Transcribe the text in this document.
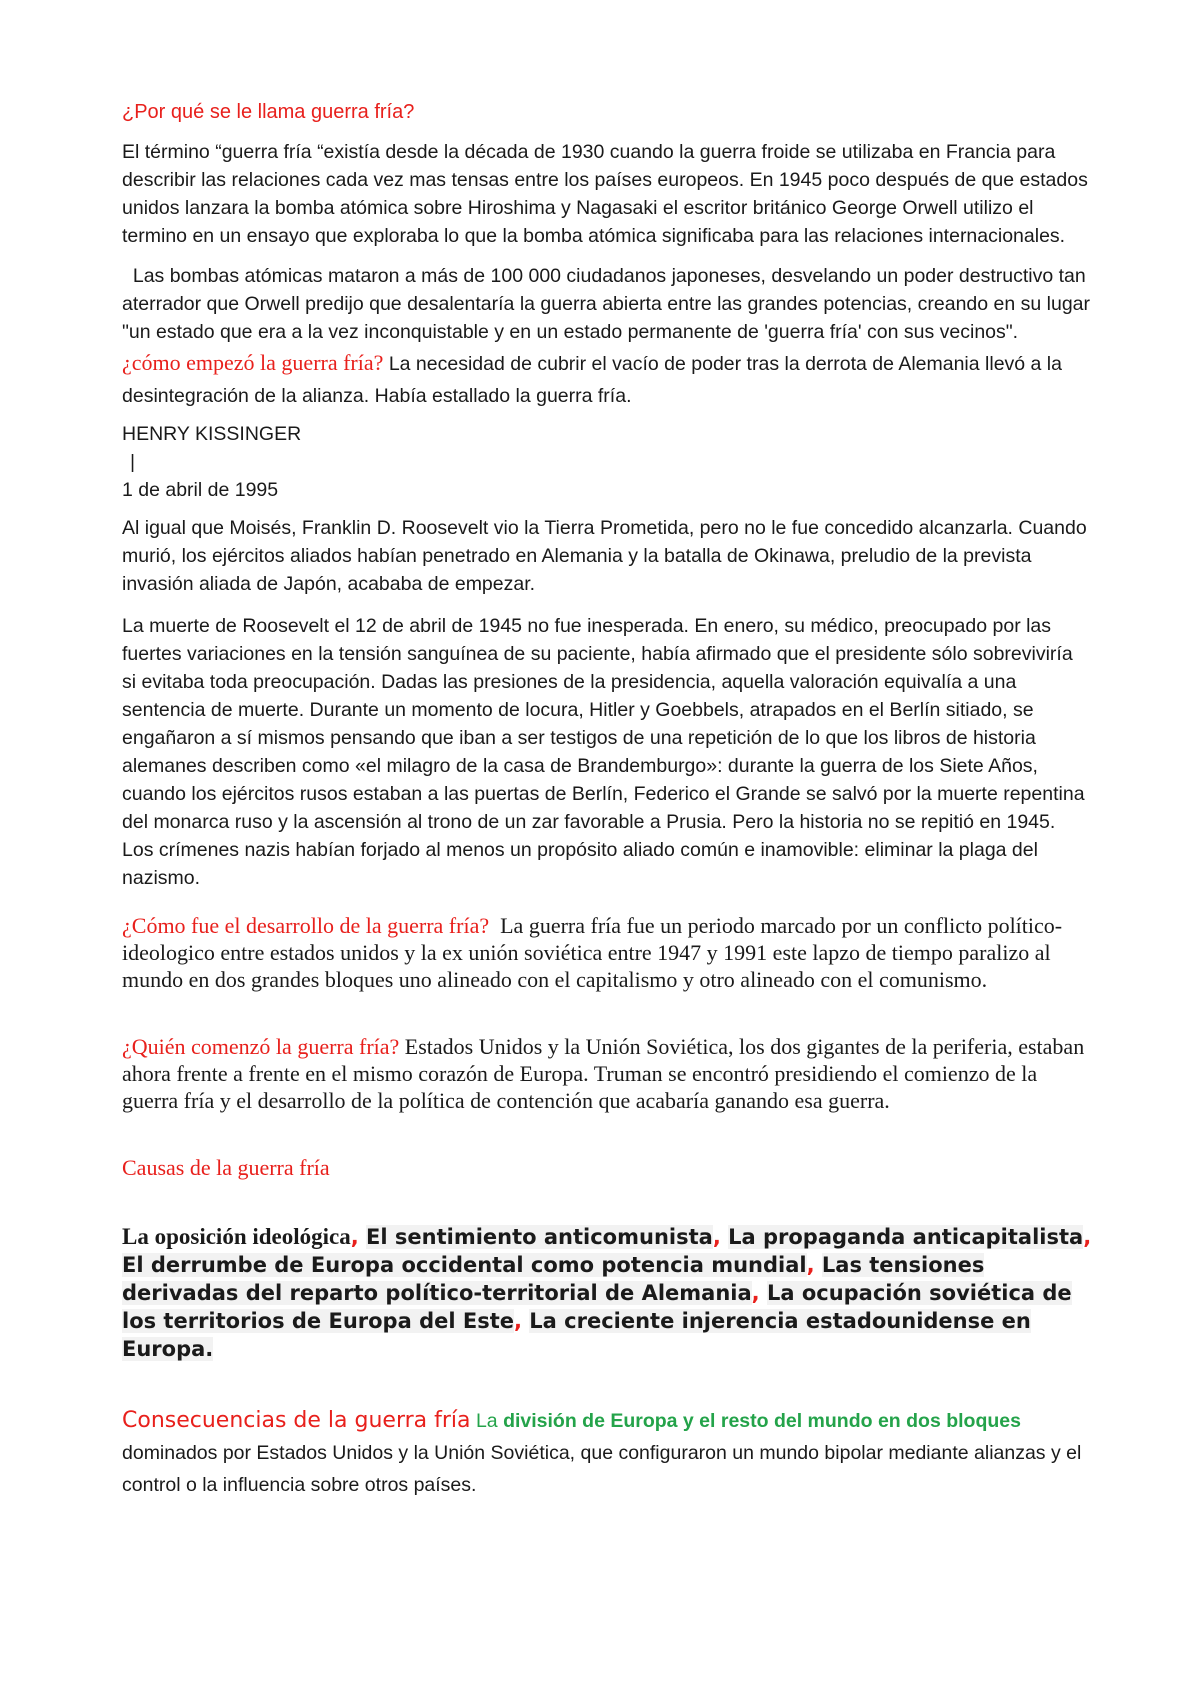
¿Por qué se le llama guerra fría?

El término “guerra fría “existía desde la década de 1930 cuando la guerra froide se utilizaba en Francia para describir las relaciones cada vez mas tensas entre los países europeos. En 1945 poco después de que estados unidos lanzara la bomba atómica sobre Hiroshima y Nagasaki el escritor británico George Orwell utilizo el termino en un ensayo que exploraba lo que la bomba atómica significaba para las relaciones internacionales.

Las bombas atómicas mataron a más de 100 000 ciudadanos japoneses, desvelando un poder destructivo tan aterrador que Orwell predijo que desalentaría la guerra abierta entre las grandes potencias, creando en su lugar "un estado que era a la vez inconquistable y en un estado permanente de 'guerra fría' con sus vecinos".

¿cómo empezó la guerra fría? La necesidad de cubrir el vacío de poder tras la derrota de Alemania llevó a la desintegración de la alianza. Había estallado la guerra fría.

HENRY KISSINGER

|

1 de abril de 1995

Al igual que Moisés, Franklin D. Roosevelt vio la Tierra Prometida, pero no le fue concedido alcanzarla. Cuando murió, los ejércitos aliados habían penetrado en Alemania y la batalla de Okinawa, preludio de la prevista invasión aliada de Japón, acababa de empezar.

La muerte de Roosevelt el 12 de abril de 1945 no fue inesperada. En enero, su médico, preocupado por las fuertes variaciones en la tensión sanguínea de su paciente, había afirmado que el presidente sólo sobreviviría si evitaba toda preocupación. Dadas las presiones de la presidencia, aquella valoración equivalía a una sentencia de muerte. Durante un momento de locura, Hitler y Goebbels, atrapados en el Berlín sitiado, se engañaron a sí mismos pensando que iban a ser testigos de una repetición de lo que los libros de historia alemanes describen como «el milagro de la casa de Brandemburgo»: durante la guerra de los Siete Años, cuando los ejércitos rusos estaban a las puertas de Berlín, Federico el Grande se salvó por la muerte repentina del monarca ruso y la ascensión al trono de un zar favorable a Prusia. Pero la historia no se repitió en 1945. Los crímenes nazis habían forjado al menos un propósito aliado común e inamovible: eliminar la plaga del nazismo.

¿Cómo fue el desarrollo de la guerra fría? La guerra fría fue un periodo marcado por un conflicto político-ideologico entre estados unidos y la ex unión soviética entre 1947 y 1991 este lapzo de tiempo paralizo al mundo en dos grandes bloques uno alineado con el capitalismo y otro alineado con el comunismo.

¿Quién comenzó la guerra fría? Estados Unidos y la Unión Soviética, los dos gigantes de la periferia, estaban ahora frente a frente en el mismo corazón de Europa. Truman se encontró presidiendo el comienzo de la guerra fría y el desarrollo de la política de contención que acabaría ganando esa guerra.

Causas de la guerra fría

La oposición ideológica, El sentimiento anticomunista, La propaganda anticapitalista, El derrumbe de Europa occidental como potencia mundial, Las tensiones derivadas del reparto político-territorial de Alemania, La ocupación soviética de los territorios de Europa del Este, La creciente injerencia estadounidense en Europa.

Consecuencias de la guerra fría La división de Europa y el resto del mundo en dos bloques dominados por Estados Unidos y la Unión Soviética, que configuraron un mundo bipolar mediante alianzas y el control o la influencia sobre otros países.
